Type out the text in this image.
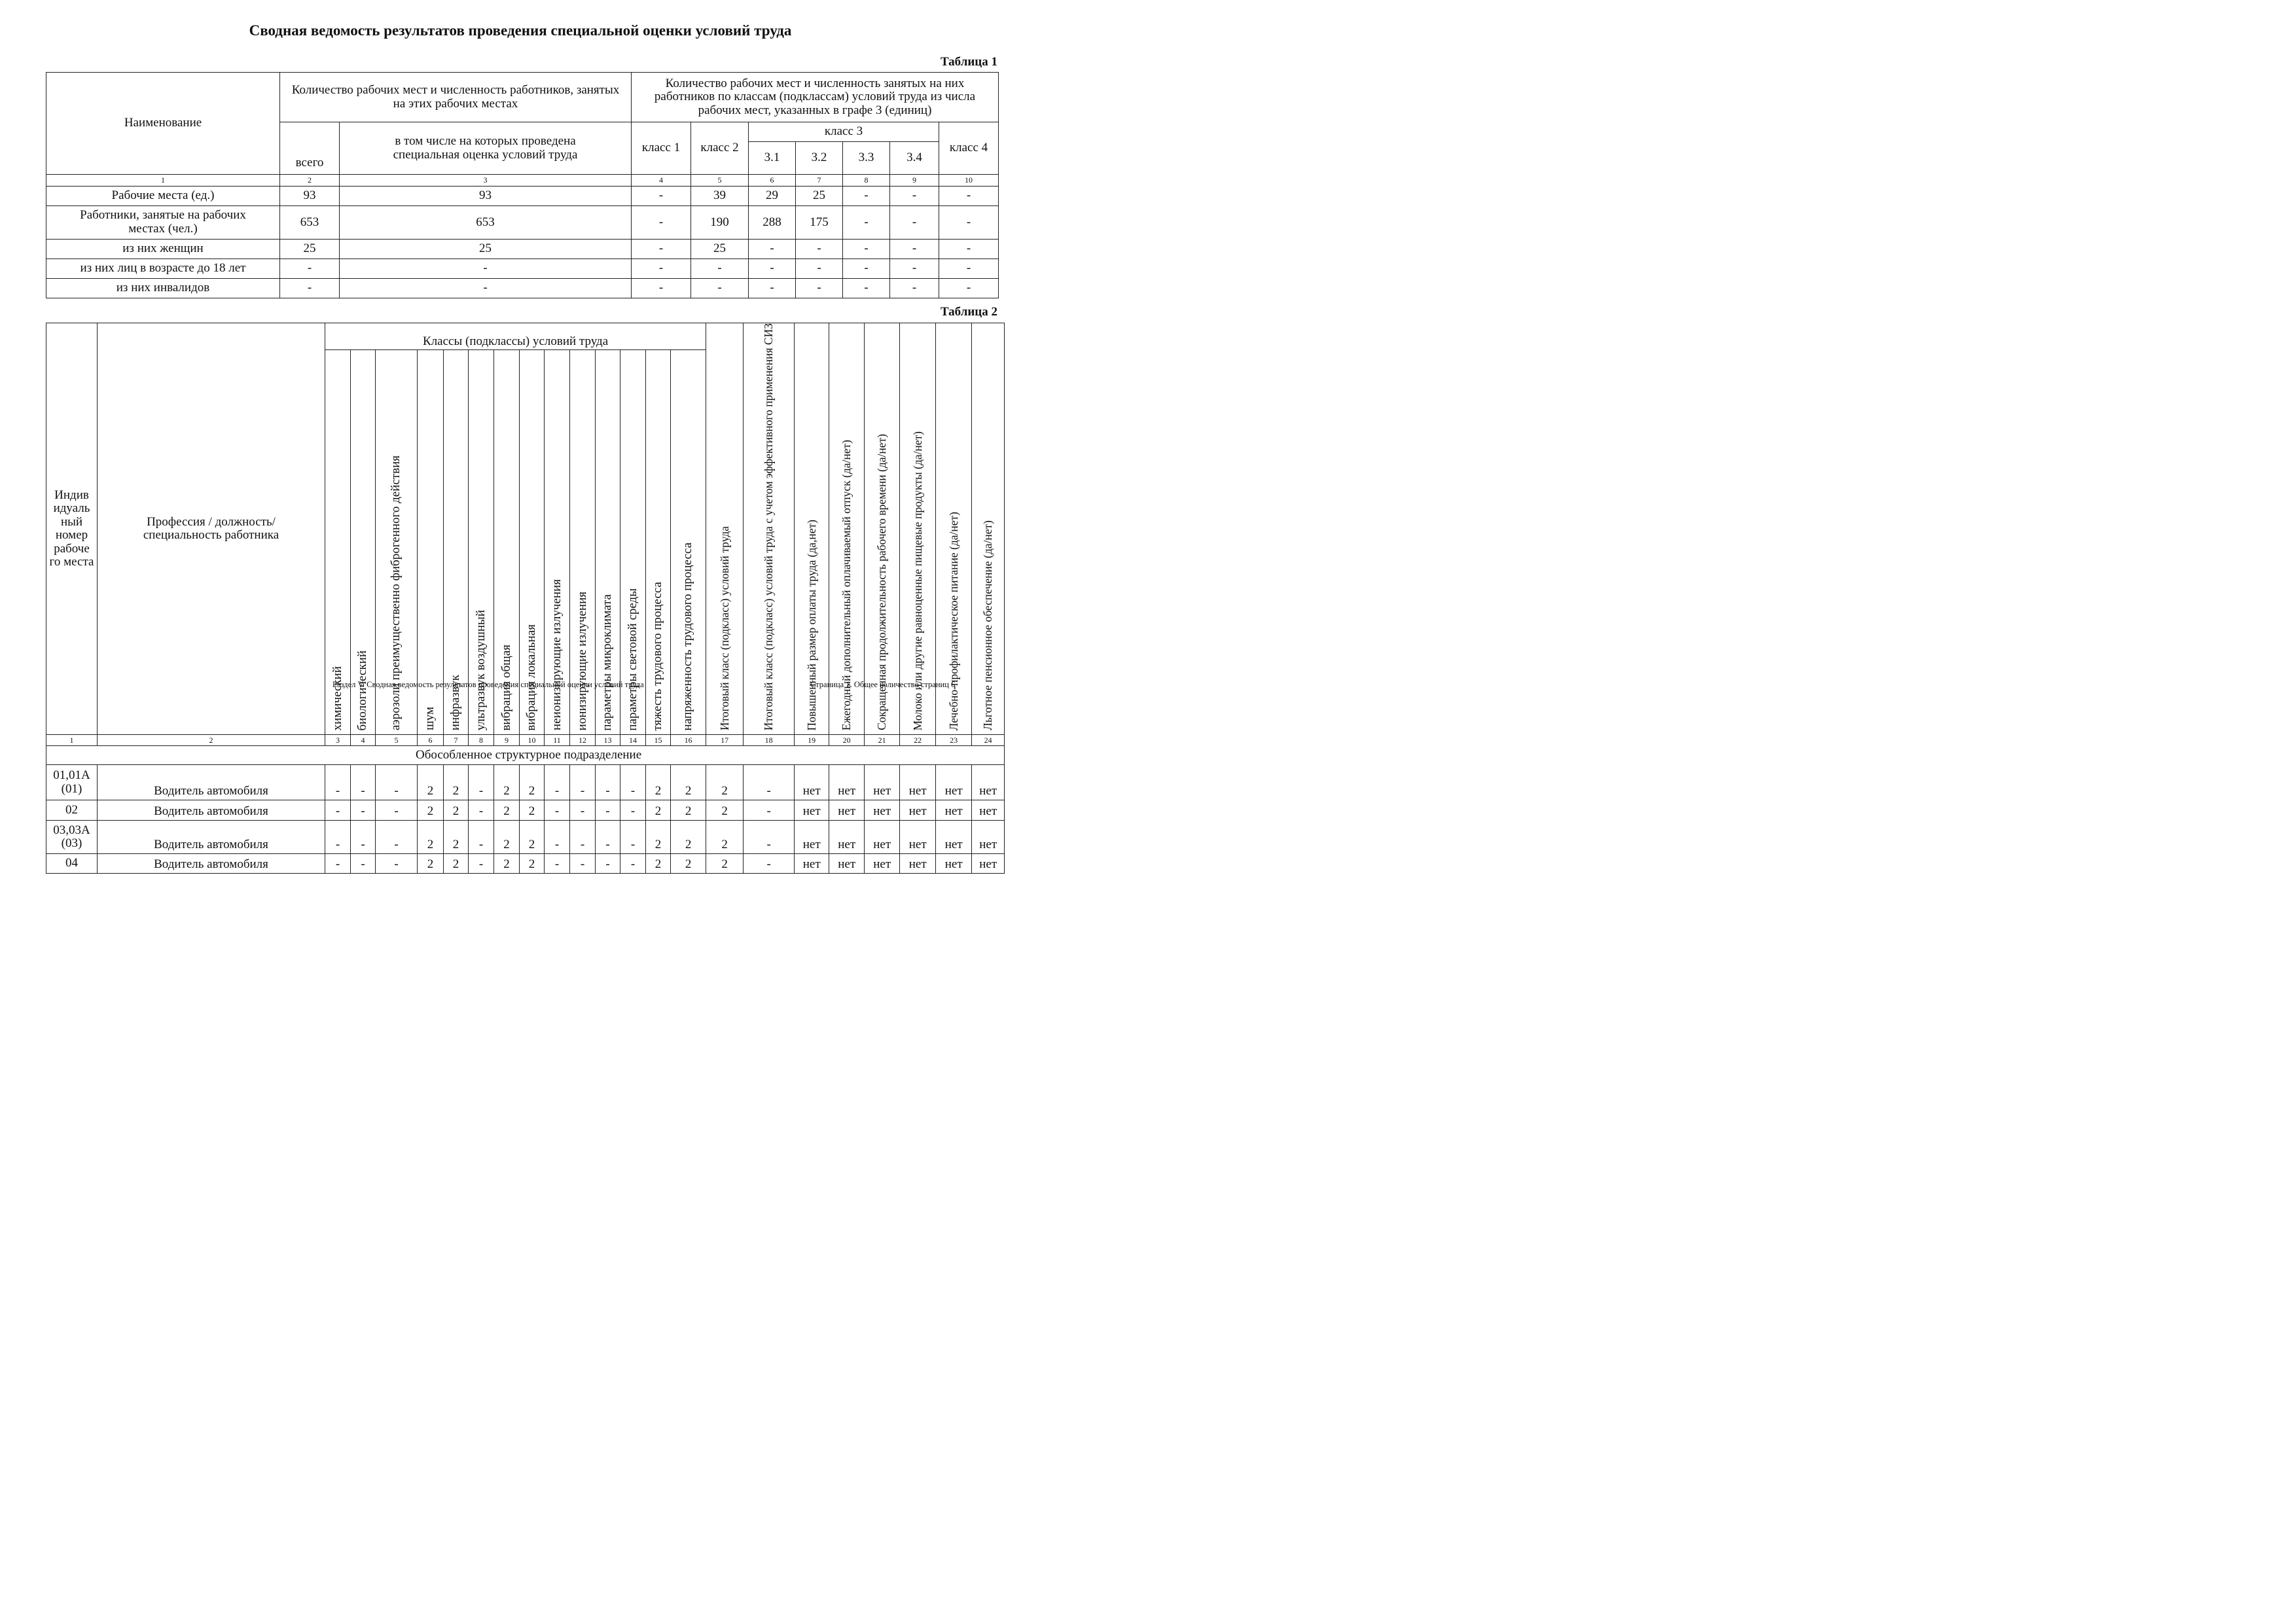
Сводная ведомость результатов проведения специальной оценки условий труда
Таблица 1
Наименование	Количество рабочих мест и численность работников, занятых на этих рабочих местах		Количество рабочих мест и численность занятых на них работников по классам (подклассам) условий труда из числа рабочих мест, указанных в графе 3 (единиц)						
	всего	в том числе на которых проведена специальная оценка условий труда	класс 1	класс 2	класс 3				класс 4
					3.1	3.2	3.3	3.4	
1	2	3	4	5	6	7	8	9	10
Рабочие места (ед.)	93	93	-	39	29	25	-	-	-
Работники, занятые на рабочих местах (чел.)	653	653	-	190	288	175	-	-	-
из них женщин	25	25	-	25	-	-	-	-	-
из них лиц в возрасте до 18 лет	-	-	-	-	-	-	-	-	-
из них инвалидов	-	-	-	-	-	-	-	-	-
Таблица 2
Индив идуаль ный номер рабоче го места	Профессия / должность/специальность работника	Классы (подклассы) условий труда														Итоговый класс (подкласс) условий труда	Итоговый класс (подкласс) условий труда с учетом эффективного применения СИЗ	Повышенный размер оплаты труда (да,нет)	Ежегодный дополнительный оплачиваемый отпуск (да/нет)	Сокращенная продолжительность рабочего времени (да/нет)	Молоко или другие равноценные пищевые продукты (да/нет)	Лечебно-профилактическое питание (да/нет)	Льготное пенсионное обеспечение (да/нет)

		химический	биологический	аэрозоли преимущественно фиброгенного действия	шум	инфразвук	ультразвук воздушный	вибрация общая	вибрация локальная	неионизирующие излучения	ионизирующие излучения	параметры микроклимата	параметры световой среды	тяжесть трудового процесса	напряженность трудового процесса								

1	2	3	4	5	6	7	8	9	10	11	12	13	14	15	16	17	18	19	20	21	22	23	24
Обособленное структурное подразделение																							
01,01А (01)	Водитель автомобиля	-	-	-	2	2	-	2	2	-	-	-	-	2	2	2	-	нет	нет	нет	нет	нет	нет
02	Водитель автомобиля	-	-	-	2	2	-	2	2	-	-	-	-	2	2	2	-	нет	нет	нет	нет	нет	нет
03,03А (03)	Водитель автомобиля	-	-	-	2	2	-	2	2	-	-	-	-	2	2	2	-	нет	нет	нет	нет	нет	нет
04	Водитель автомобиля	-	-	-	2	2	-	2	2	-	-	-	-	2	2	2	-	нет	нет	нет	нет	нет	нет
Раздел V. Сводная ведомость результатов проведения специальной оценки условий труда	Страница 1. Общее количество страниц 6
